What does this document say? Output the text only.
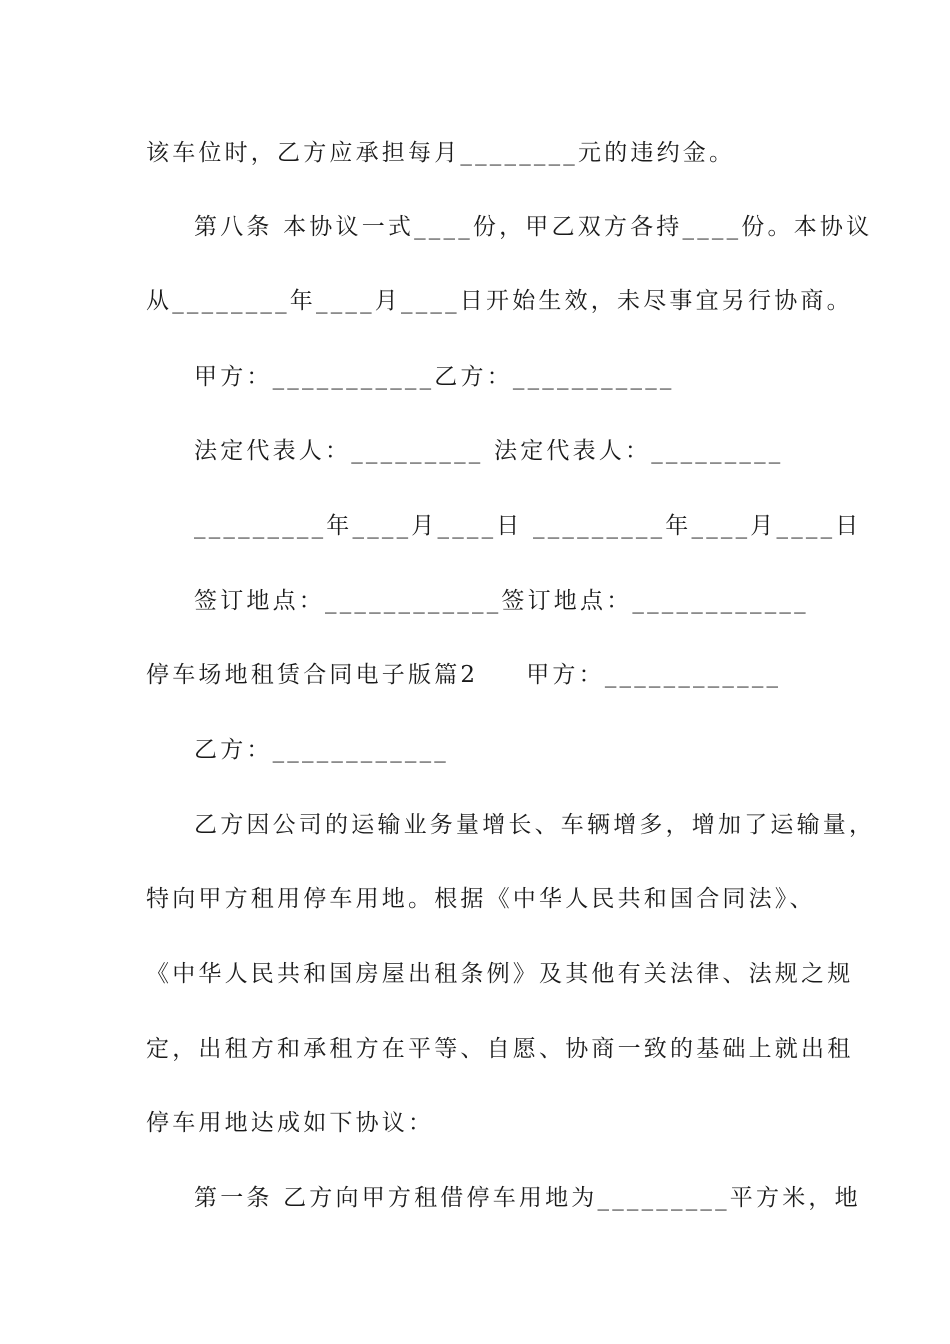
该车位时，乙方应承担每月________元的违约金。
第八条 本协议一式____份，甲乙双方各持____份。本协议
从________年____月____日开始生效，未尽事宜另行协商。
甲方：___________乙方：___________
法定代表人：_________ 法定代表人：_________
_________年____月____日 _________年____月____日
签订地点：____________签订地点：____________
停车场地租赁合同电子版篇2 甲方：____________
乙方：____________
乙方因公司的运输业务量增长、车辆增多，增加了运输量，
特向甲方租用停车用地。根据《中华人民共和国合同法》、
《中华人民共和国房屋出租条例》及其他有关法律、法规之规
定，出租方和承租方在平等、自愿、协商一致的基础上就出租
停车用地达成如下协议：
第一条 乙方向甲方租借停车用地为_________平方米，地
